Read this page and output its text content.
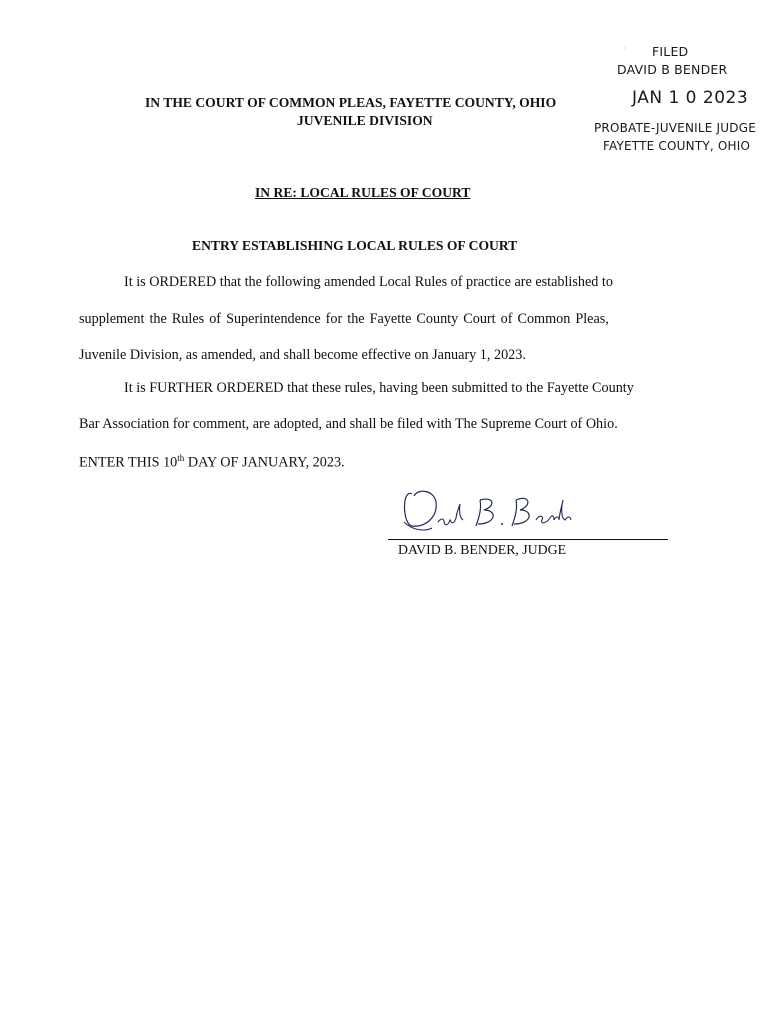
· FILED
DAVID B BENDER
JAN 1 0 2023
PROBATE-JUVENILE JUDGE
FAYETTE COUNTY, OHIO
IN THE COURT OF COMMON PLEAS, FAYETTE COUNTY, OHIO
JUVENILE DIVISION
IN RE: LOCAL RULES OF COURT
ENTRY ESTABLISHING LOCAL RULES OF COURT
It is ORDERED that the following amended Local Rules of practice are established to
supplement the Rules of Superintendence for the Fayette County Court of Common Pleas,
Juvenile Division, as amended, and shall become effective on January 1, 2023.
It is FURTHER ORDERED that these rules, having been submitted to the Fayette County
Bar Association for comment, are adopted, and shall be filed with The Supreme Court of Ohio.
ENTER THIS 10th DAY OF JANUARY, 2023.
DAVID B. BENDER, JUDGE
